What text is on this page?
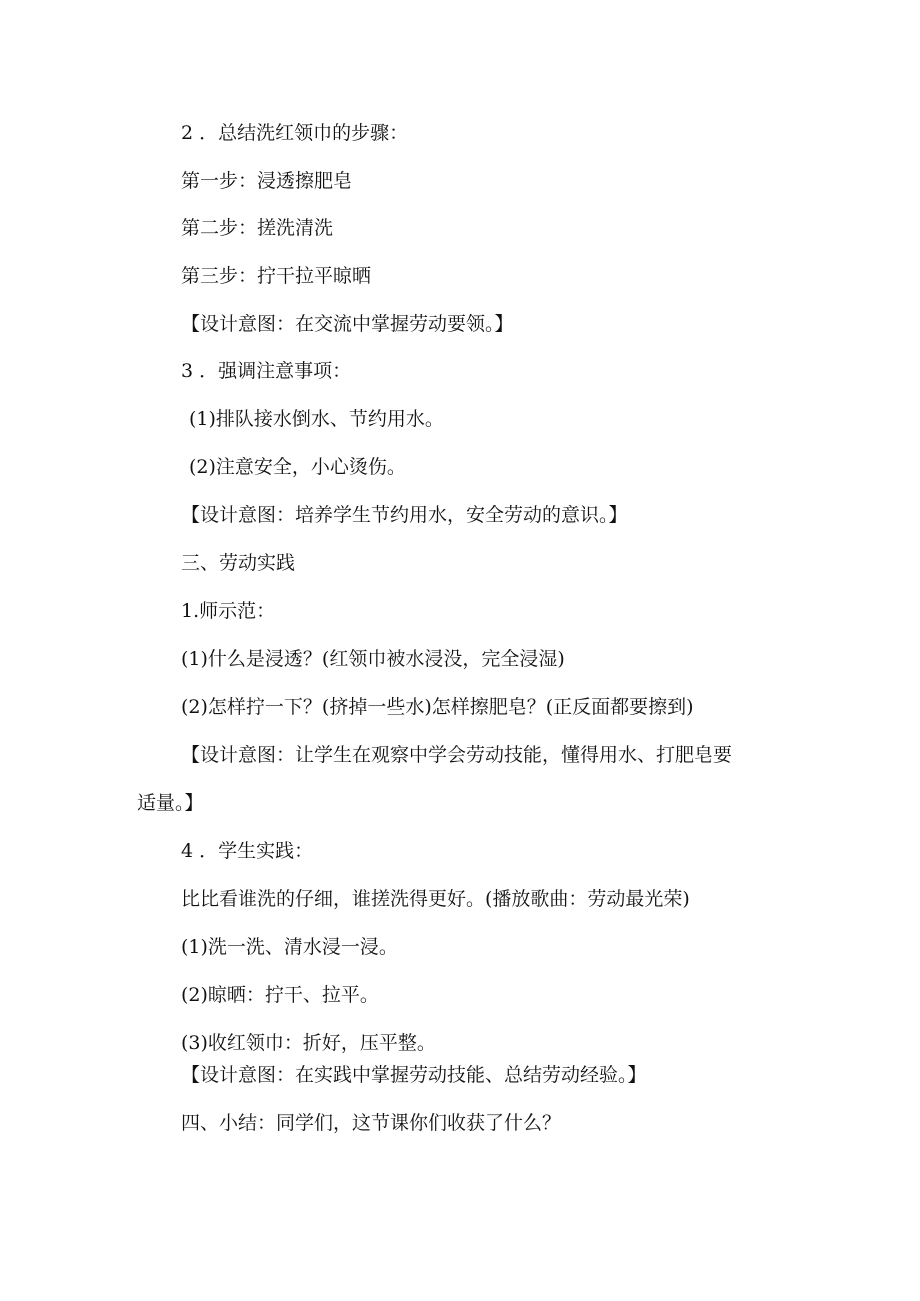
2 ．总结洗红领巾的步骤：
第一步：浸透擦肥皂
第二步：搓洗清洗
第三步：拧干拉平晾晒
【设计意图：在交流中掌握劳动要领。】
3 ．强调注意事项：
(1)排队接水倒水、节约用水。
(2)注意安全，小心烫伤。
【设计意图：培养学生节约用水，安全劳动的意识。】
三、劳动实践
1.师示范：
(1)什么是浸透？(红领巾被水浸没，完全浸湿)
(2)怎样拧一下？(挤掉一些水)怎样擦肥皂？(正反面都要擦到)
【设计意图：让学生在观察中学会劳动技能，懂得用水、打肥皂要
适量。】
4 ．学生实践：
比比看谁洗的仔细，谁搓洗得更好。(播放歌曲：劳动最光荣)
(1)洗一洗、清水浸一浸。
(2)晾晒：拧干、拉平。
(3)收红领巾：折好，压平整。
【设计意图：在实践中掌握劳动技能、总结劳动经验。】
四、小结：同学们，这节课你们收获了什么？
